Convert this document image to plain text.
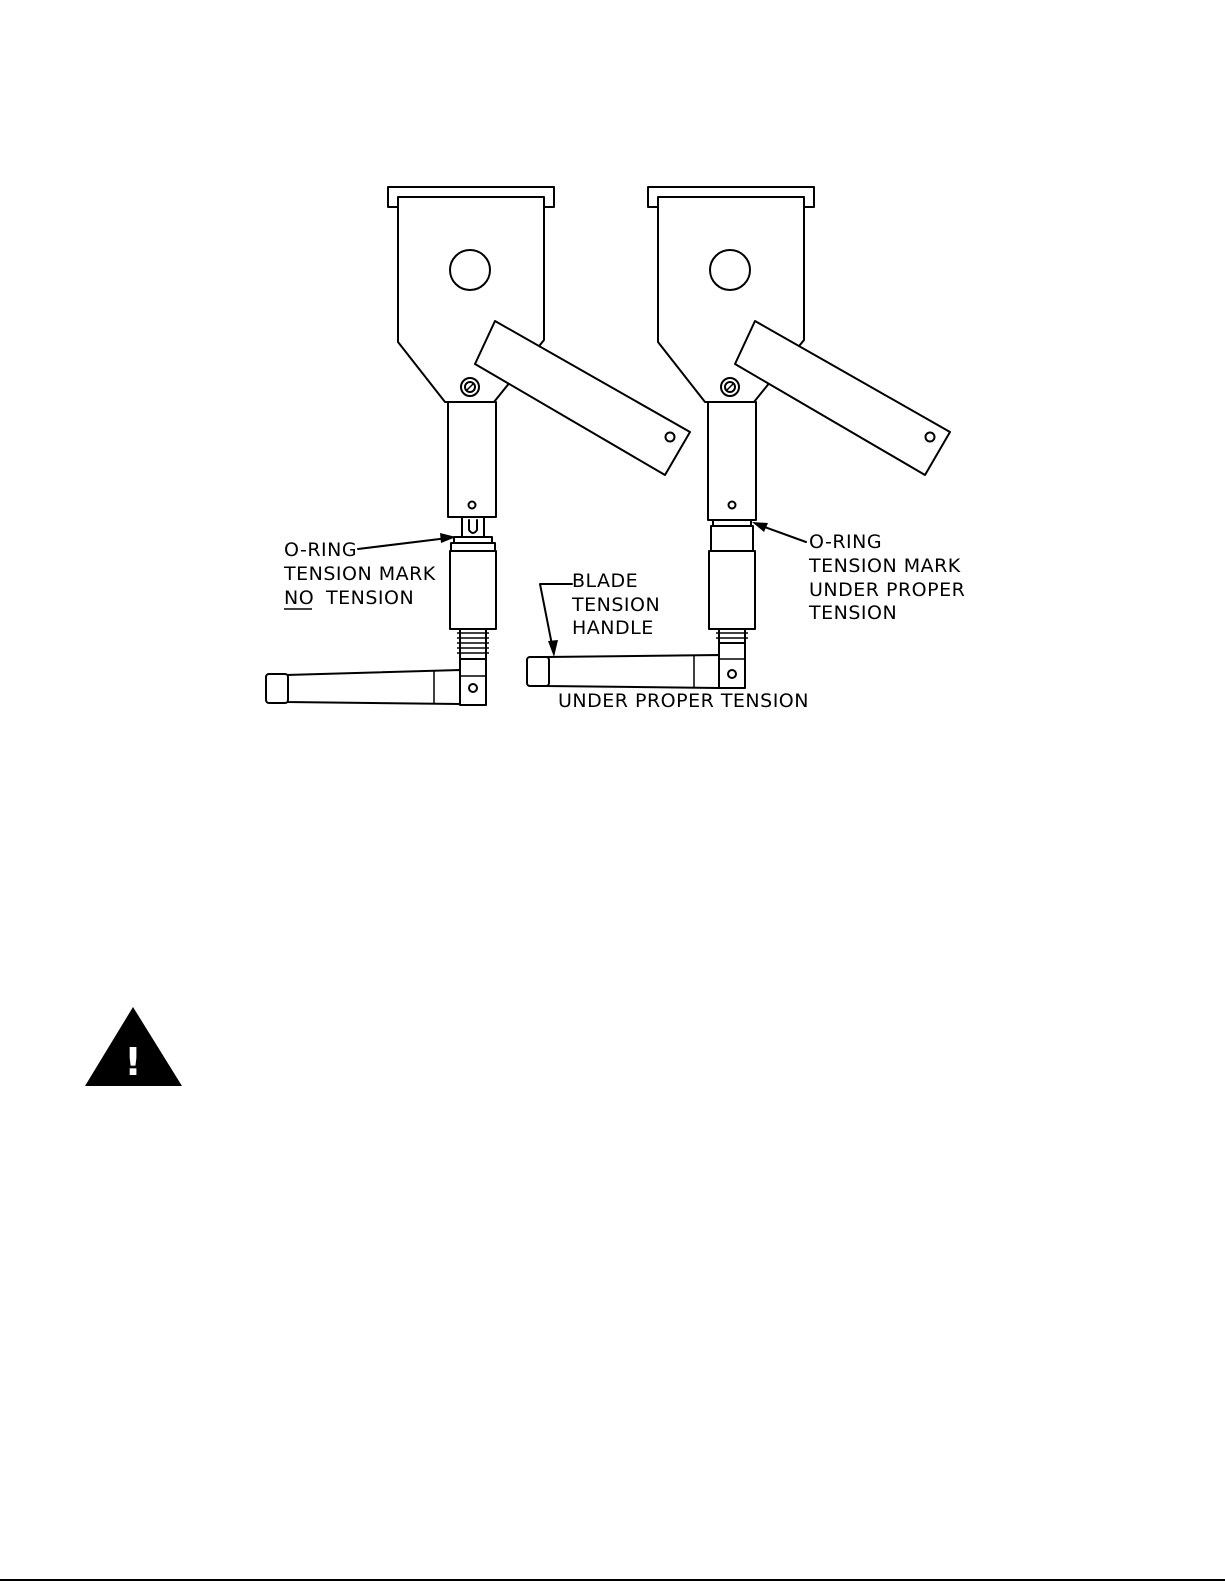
O-RING
TENSION MARK
NO TENSION
BLADE
TENSION
HANDLE
O-RING
TENSION MARK
UNDER PROPER
TENSION
UNDER PROPER TENSION
!
